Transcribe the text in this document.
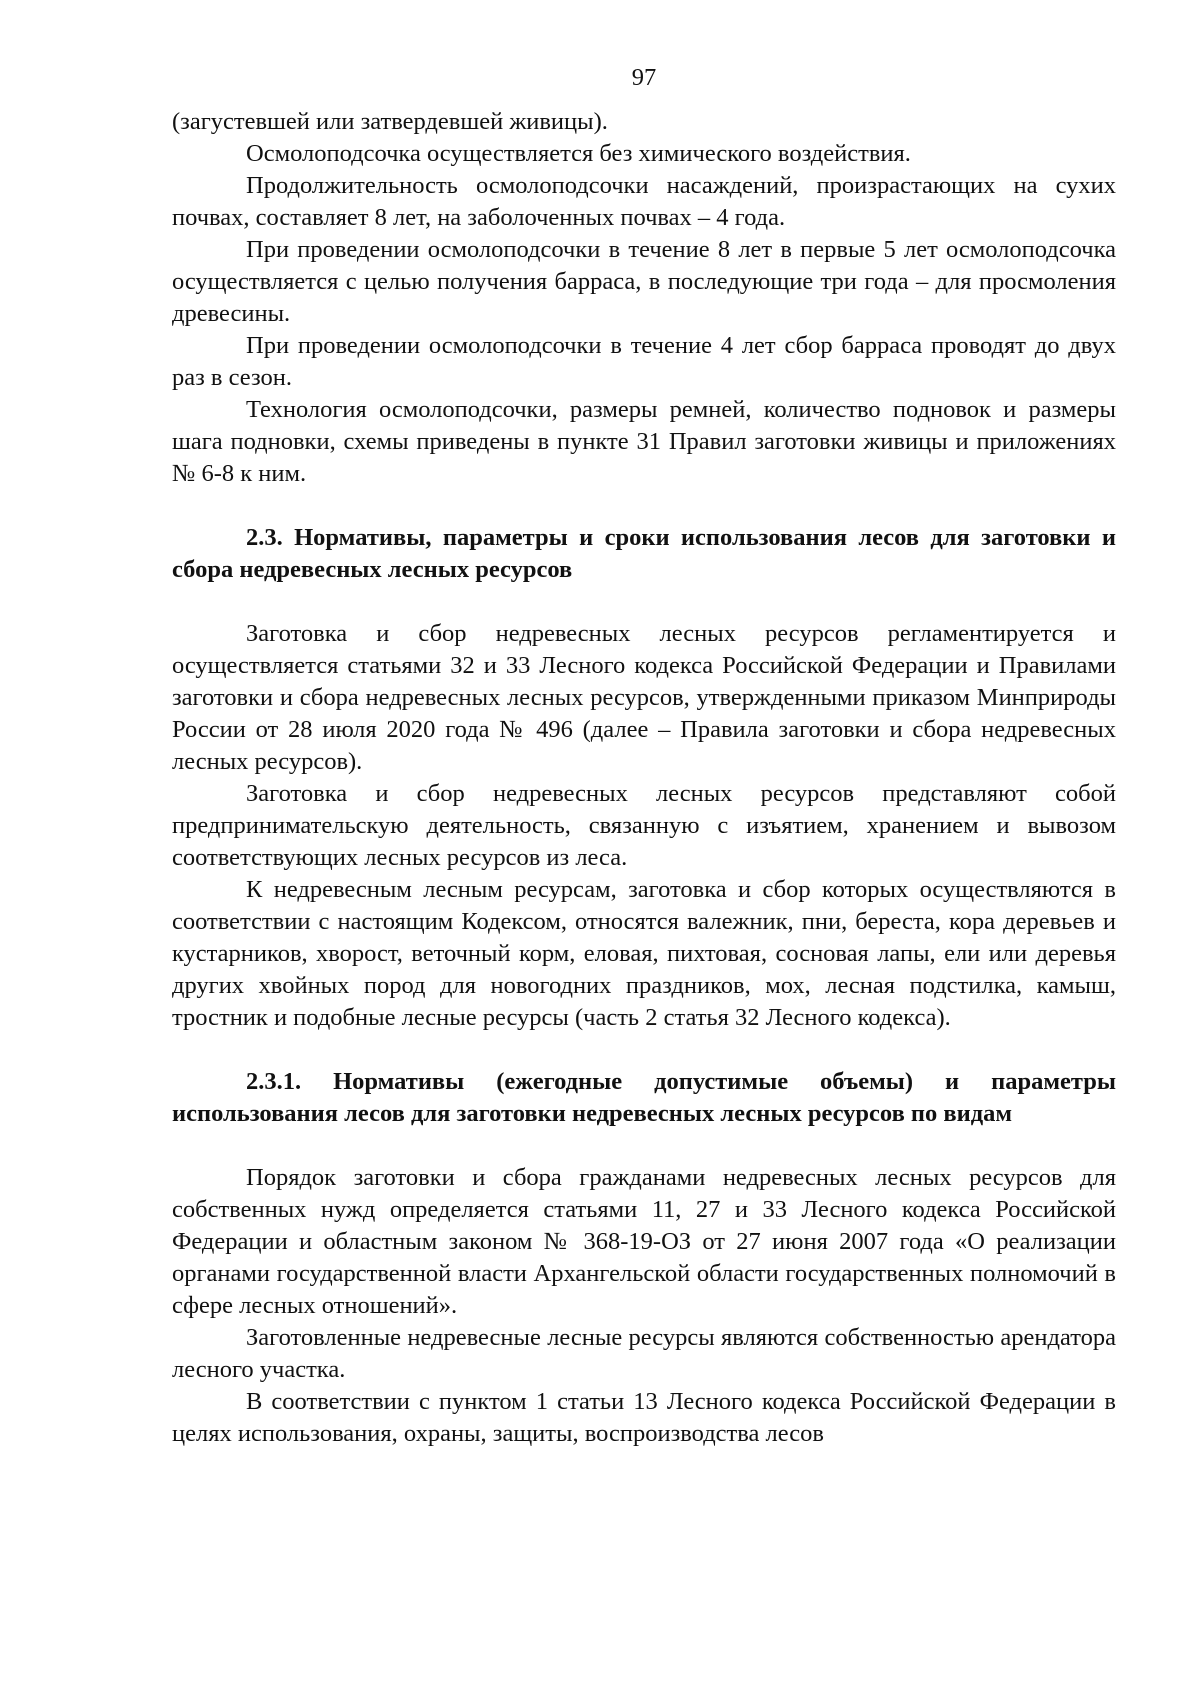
97

(загустевшей или затвердевшей живицы).

Осмолоподсочка осуществляется без химического воздействия.

Продолжительность осмолоподсочки насаждений, произрастающих на сухих почвах, составляет 8 лет, на заболоченных почвах – 4 года.

При проведении осмолоподсочки в течение 8 лет в первые 5 лет осмолоподсочка осуществляется с целью получения барраса, в последующие три года – для просмоления древесины.

При проведении осмолоподсочки в течение 4 лет сбор барраса проводят до двух раз в сезон.

Технология осмолоподсочки, размеры ремней, количество подновок и размеры шага подновки, схемы приведены в пункте 31 Правил заготовки живицы и приложениях № 6-8 к ним.

2.3. Нормативы, параметры и сроки использования лесов для заготовки и сбора недревесных лесных ресурсов

Заготовка и сбор недревесных лесных ресурсов регламентируется и осуществляется статьями 32 и 33 Лесного кодекса Российской Федерации и Правилами заготовки и сбора недревесных лесных ресурсов, утвержденными приказом Минприроды России от 28 июля 2020 года № 496 (далее – Правила заготовки и сбора недревесных лесных ресурсов).

Заготовка и сбор недревесных лесных ресурсов представляют собой предпринимательскую деятельность, связанную с изъятием, хранением и вывозом соответствующих лесных ресурсов из леса.

К недревесным лесным ресурсам, заготовка и сбор которых осуществляются в соответствии с настоящим Кодексом, относятся валежник, пни, береста, кора деревьев и кустарников, хворост, веточный корм, еловая, пихтовая, сосновая лапы, ели или деревья других хвойных пород для новогодних праздников, мох, лесная подстилка, камыш, тростник и подобные лесные ресурсы (часть 2 статья 32 Лесного кодекса).

2.3.1. Нормативы (ежегодные допустимые объемы) и параметры использования лесов для заготовки недревесных лесных ресурсов по видам

Порядок заготовки и сбора гражданами недревесных лесных ресурсов для собственных нужд определяется статьями 11, 27 и 33 Лесного кодекса Российской Федерации и областным законом № 368-19-ОЗ от 27 июня 2007 года «О реализации органами государственной власти Архангельской области государственных полномочий в сфере лесных отношений».

Заготовленные недревесные лесные ресурсы являются собственностью арендатора лесного участка.

В соответствии с пунктом 1 статьи 13 Лесного кодекса Российской Федерации в целях использования, охраны, защиты, воспроизводства лесов
